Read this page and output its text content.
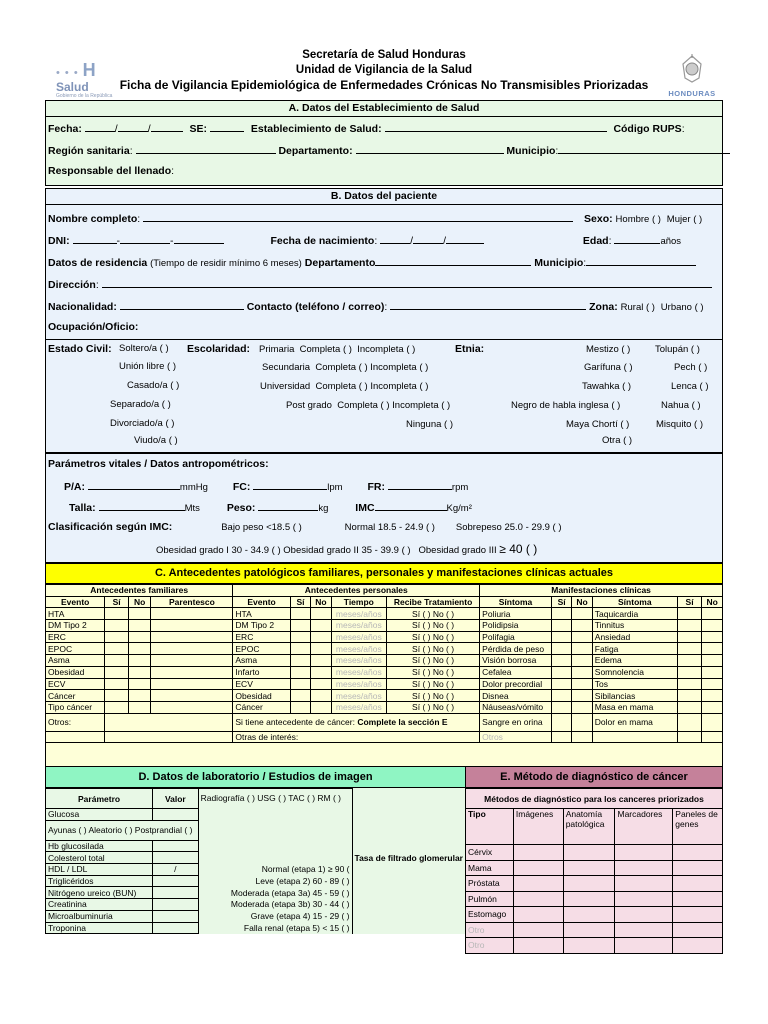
• • • H
Salud
Gobierno de la República
Secretaría de Salud Honduras
Unidad de Vigilancia de la Salud
Ficha de Vigilancia Epidemiológica de Enfermedades Crónicas No Transmisibles Priorizadas
HONDURAS
A. Datos del Establecimiento de Salud
Fecha:	/	/	SE:	Establecimiento de Salud:	Código RUPS:
Región sanitaria:	Departamento:	Municipio:
Responsable del llenado:
B. Datos del paciente
Nombre completo:	Sexo: Hombre ( ) Mujer ( )
DNI:	-	-	Fecha de nacimiento:	/	/	Edad:	años
Datos de residencia (Tiempo de residir mínimo 6 meses) Departamento	Municipio:
Dirección:
Nacionalidad:	Contacto (teléfono / correo):	Zona: Rural ( ) Urbano ( )
Ocupación/Oficio:
Estado Civil: Soltero/a ( )
Unión libre ( )
Casado/a ( )
Separado/a ( )
Divorciado/a ( )
Viudo/a ( )
Escolaridad: Primaria Completa ( ) Incompleta ( )
Secundaria Completa ( ) Incompleta ( )
Universidad Completa ( ) Incompleta ( )
Post grado Completa ( ) Incompleta ( )
Ninguna ( )
Etnia:	Mestizo ( )	Tolupán ( )
Garífuna ( )	Pech ( )
Tawahka ( )	Lenca ( )
Negro de habla inglesa ( )	Nahua ( )
Maya Chortí ( )	Misquito ( )
Otra ( )
Parámetros vitales / Datos antropométricos:
P/A:	mmHg FC:	lpm FR:	rpm
Talla:	Mts	Peso:	kg	IMC	Kg/m²
Clasificación según IMC:	Bajo peso <18.5 ( )	Normal 18.5 - 24.9 ( ) Sobrepeso 25.0 - 29.9 ( )
Obesidad grado I 30 - 34.9 ( ) Obesidad grado II 35 - 39.9 ( ) Obesidad grado III ≥ 40 ( )
C. Antecedentes patológicos familiares, personales y manifestaciones clínicas actuales
Antecedentes familiares				Antecedentes personales					Manifestaciones clínicas					
Evento	Sí	No	Parentesco	Evento	Sí	No	Tiempo	Recibe Tratamiento	Síntoma	Sí	No	Síntoma	Sí	No
HTA				HTA			meses/años	Sí ( ) No ( )	Poliuria			Taquicardia		
DM Tipo 2				DM Tipo 2			meses/años	Sí ( ) No ( )	Polidipsia			Tinnitus		
ERC				ERC			meses/años	Sí ( ) No ( )	Polifagia			Ansiedad		
EPOC				EPOC			meses/años	Sí ( ) No ( )	Pérdida de peso			Fatiga		
Asma				Asma			meses/años	Sí ( ) No ( )	Visión borrosa			Edema		
Obesidad				Infarto			meses/años	Sí ( ) No ( )	Cefalea			Somnolencia		
ECV				ECV			meses/años	Sí ( ) No ( )	Dolor precordial			Tos		
Cáncer				Obesidad			meses/años	Sí ( ) No ( )	Disnea			Sibilancias		
Tipo cáncer				Cáncer			meses/años	Sí ( ) No ( )	Náuseas/vómito			Masa en mama		
Otros:				Si tiene antecedente de cáncer: Complete la sección E					Sangre en orina			Dolor en mama		
				Otras de interés:					Otros					
D. Datos de laboratorio / Estudios de imagen	E. Método de diagnóstico de cáncer
Parámetro	Valor	Radiografía ( ) USG ( ) TAC ( ) RM ( )	
Glucosa			
Ayunas ( ) Aleatorio ( ) Postprandial ( )			
Hb glucosilada			
Colesterol total			Tasa de filtrado glomerular
HDL / LDL	/	Normal (etapa 1) ≥ 90 (	
Triglicéridos		Leve (etapa 2) 60 - 89 ( )	
Nitrógeno ureico (BUN)		Moderada (etapa 3a) 45 - 59 ( )	
Creatinina		Moderada (etapa 3b) 30 - 44 ( )	
Microalbuminuria		Grave (etapa 4) 15 - 29 ( )	
Troponina		Falla renal (etapa 5) < 15 ( )	
Métodos de diagnóstico para los canceres priorizados				
Tipo	Imágenes	Anatomía patológica	Marcadores	Paneles de genes
Cérvix				
Mama				
Próstata				
Pulmón				
Estomago				
Otro				
Otro				
